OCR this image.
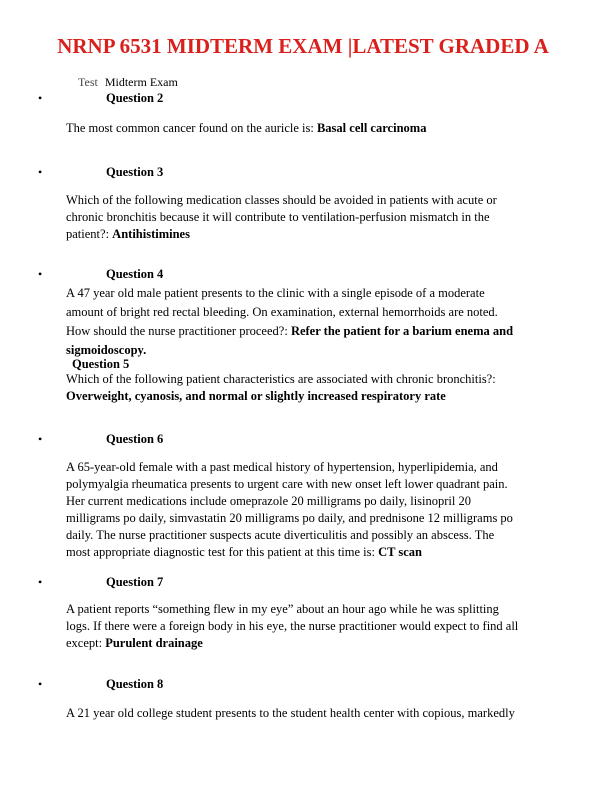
NRNP 6531 MIDTERM EXAM |LATEST GRADED A
Test Midterm Exam
•	Question 2

The most common cancer found on the auricle is: Basal cell carcinoma

•	Question 3

Which of the following medication classes should be avoided in patients with acute or chronic bronchitis because it will contribute to ventilation-perfusion mismatch in the patient?: Antihistimines

•	Question 4

A 47 year old male patient presents to the clinic with a single episode of a moderate amount of bright red rectal bleeding. On examination, external hemorrhoids are noted. How should the nurse practitioner proceed?: Refer the patient for a barium enema and sigmoidoscopy.

Question 5

Which of the following patient characteristics are associated with chronic bronchitis?: Overweight, cyanosis, and normal or slightly increased respiratory rate

•	Question 6

A 65-year-old female with a past medical history of hypertension, hyperlipidemia, and polymyalgia rheumatica presents to urgent care with new onset left lower quadrant pain. Her current medications include omeprazole 20 milligrams po daily, lisinopril 20 milligrams po daily, simvastatin 20 milligrams po daily, and prednisone 12 milligrams po daily. The nurse practitioner suspects acute diverticulitis and possibly an abscess. The most appropriate diagnostic test for this patient at this time is: CT scan

•	Question 7

A patient reports “something flew in my eye” about an hour ago while he was splitting logs. If there were a foreign body in his eye, the nurse practitioner would expect to find all except: Purulent drainage

•	Question 8

A 21 year old college student presents to the student health center with copious, markedly
